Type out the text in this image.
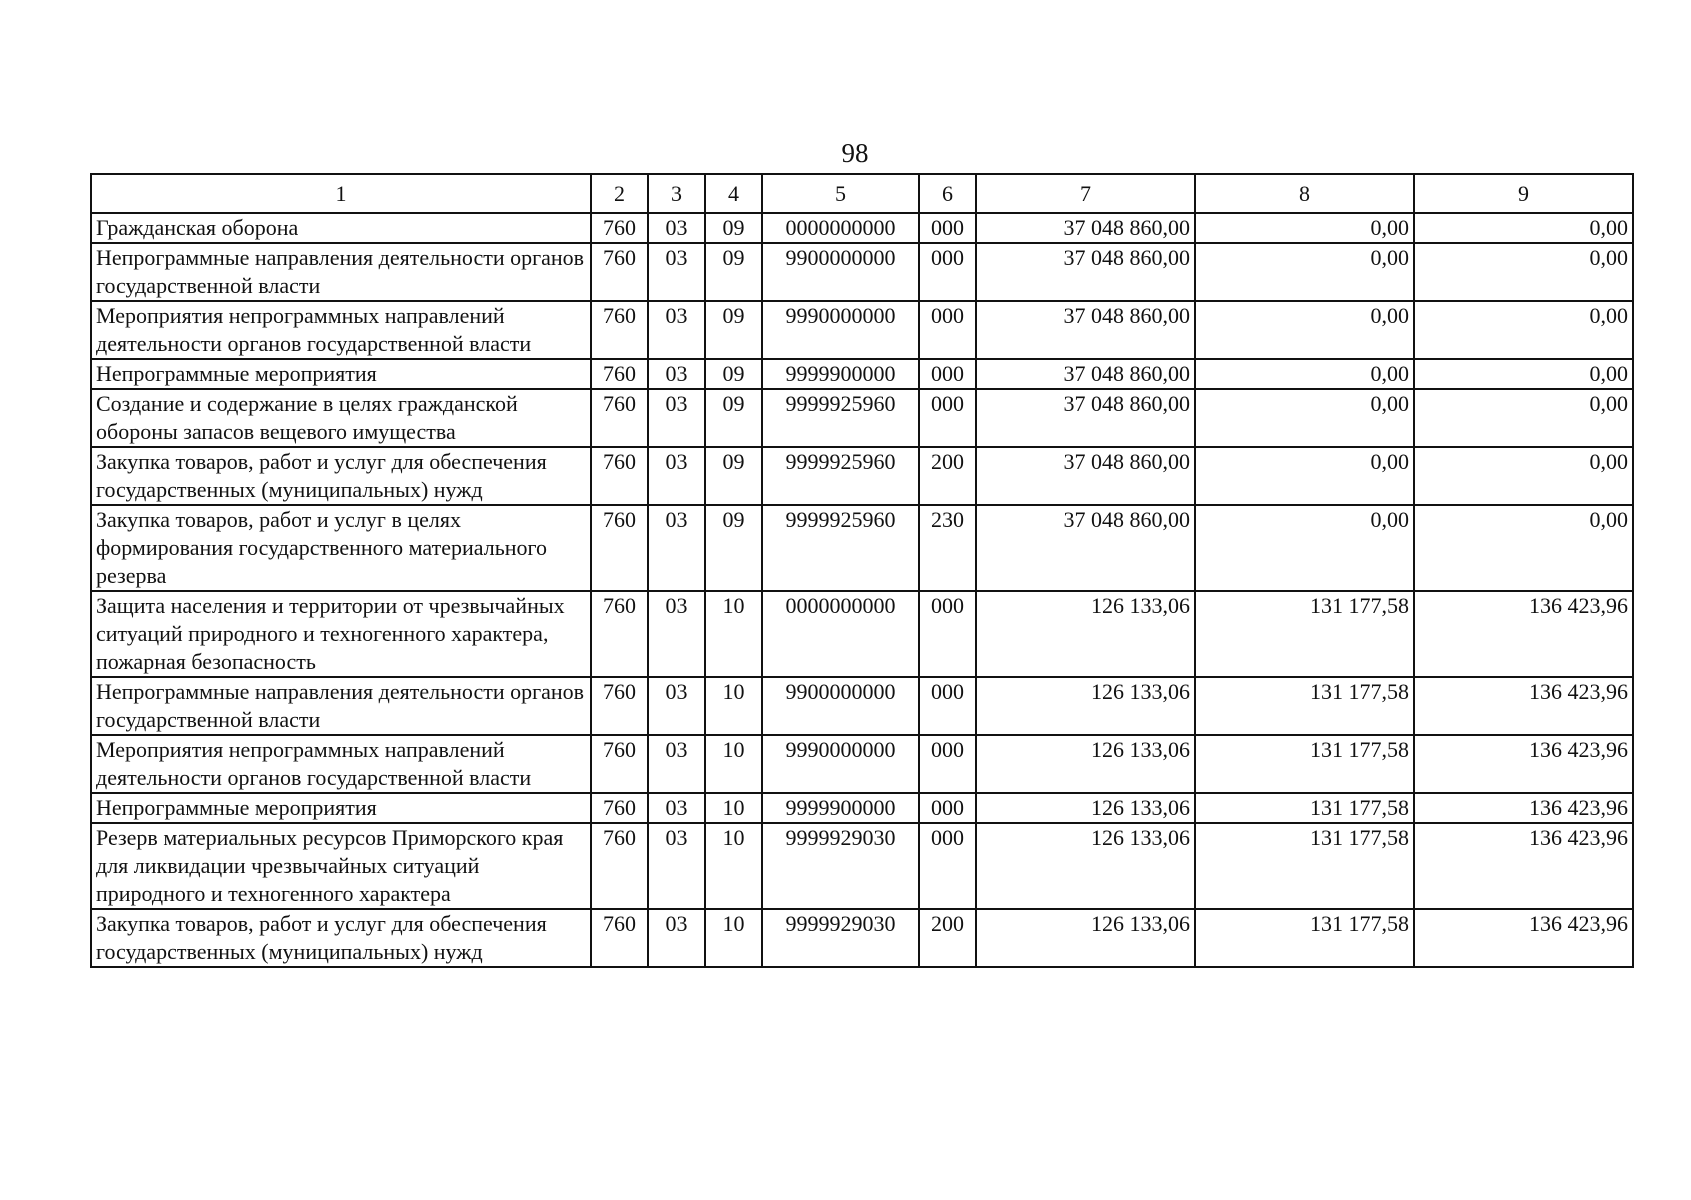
98
1	2	3	4	5	6	7	8	9
Гражданская оборона	760	03	09	0000000000	000	37 048 860,00	0,00	0,00
Непрограммные направления деятельности органов государственной власти	760	03	09	9900000000	000	37 048 860,00	0,00	0,00
Мероприятия непрограммных направлений деятельности органов государственной власти	760	03	09	9990000000	000	37 048 860,00	0,00	0,00
Непрограммные мероприятия	760	03	09	9999900000	000	37 048 860,00	0,00	0,00
Создание и содержание в целях гражданской обороны запасов вещевого имущества	760	03	09	9999925960	000	37 048 860,00	0,00	0,00
Закупка товаров, работ и услуг для обеспечения государственных (муниципальных) нужд	760	03	09	9999925960	200	37 048 860,00	0,00	0,00
Закупка товаров, работ и услуг в целях формирования государственного материального резерва	760	03	09	9999925960	230	37 048 860,00	0,00	0,00
Защита населения и территории от чрезвычайных ситуаций природного и техногенного характера, пожарная безопасность	760	03	10	0000000000	000	126 133,06	131 177,58	136 423,96
Непрограммные направления деятельности органов государственной власти	760	03	10	9900000000	000	126 133,06	131 177,58	136 423,96
Мероприятия непрограммных направлений деятельности органов государственной власти	760	03	10	9990000000	000	126 133,06	131 177,58	136 423,96
Непрограммные мероприятия	760	03	10	9999900000	000	126 133,06	131 177,58	136 423,96
Резерв материальных ресурсов Приморского края для ликвидации чрезвычайных ситуаций природного и техногенного характера	760	03	10	9999929030	000	126 133,06	131 177,58	136 423,96
Закупка товаров, работ и услуг для обеспечения государственных (муниципальных) нужд	760	03	10	9999929030	200	126 133,06	131 177,58	136 423,96
